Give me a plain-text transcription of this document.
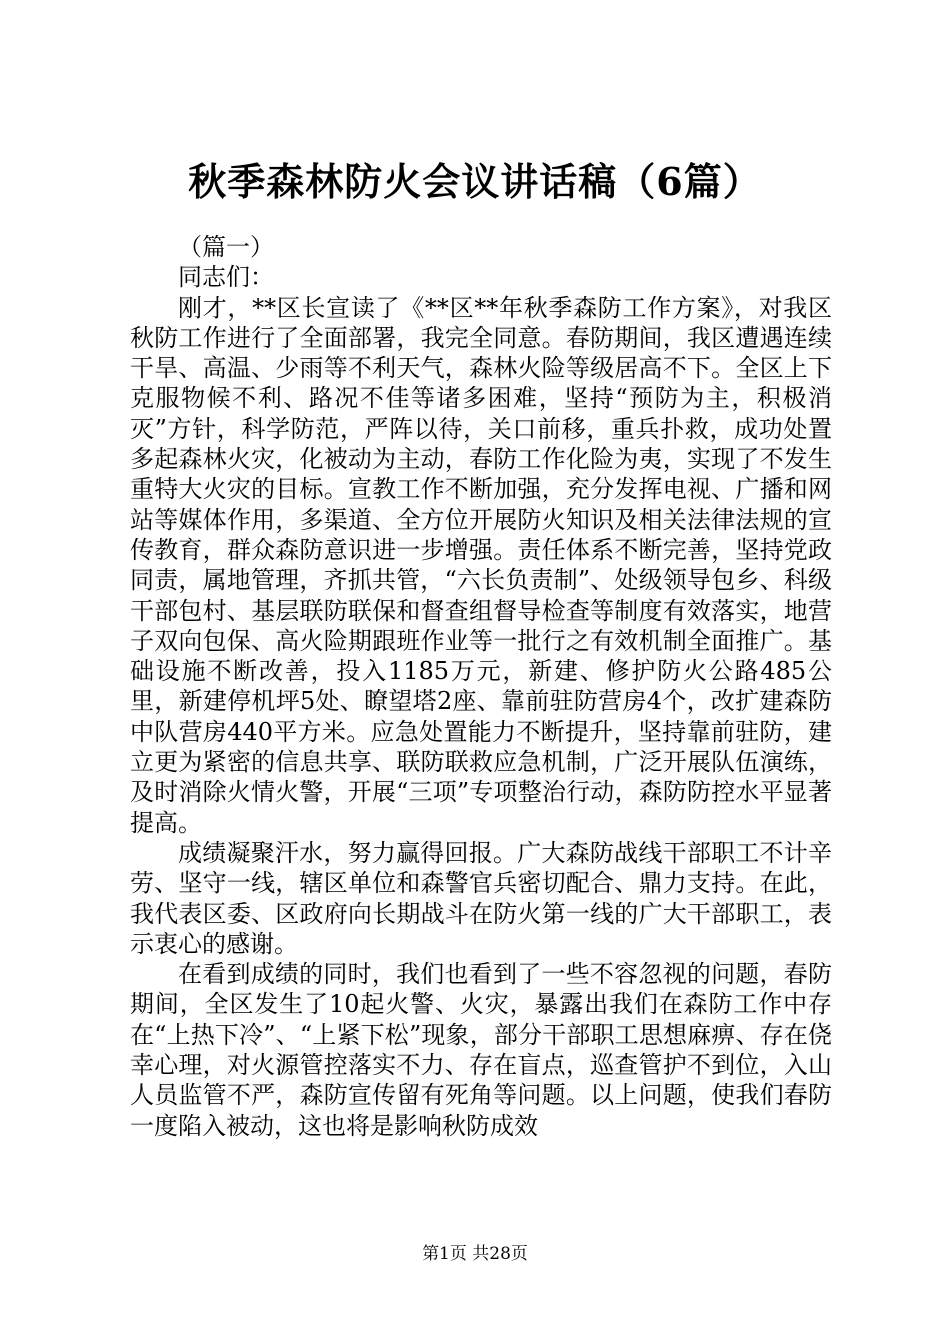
秋季森林防火会议讲话稿（6篇）

（篇一）

同志们：

刚才，**区长宣读了《**区**年秋季森防工作方案》，对我区秋防工作进行了全面部署，我完全同意。春防期间，我区遭遇连续干旱、高温、少雨等不利天气，森林火险等级居高不下。全区上下克服物候不利、路况不佳等诸多困难，坚持“预防为主，积极消灭”方针，科学防范，严阵以待，关口前移，重兵扑救，成功处置多起森林火灾，化被动为主动，春防工作化险为夷，实现了不发生重特大火灾的目标。宣教工作不断加强，充分发挥电视、广播和网站等媒体作用，多渠道、全方位开展防火知识及相关法律法规的宣传教育，群众森防意识进一步增强。责任体系不断完善，坚持党政同责，属地管理，齐抓共管，“六长负责制”、处级领导包乡、科级干部包村、基层联防联保和督查组督导检查等制度有效落实，地营子双向包保、高火险期跟班作业等一批行之有效机制全面推广。基础设施不断改善，投入1185万元，新建、修护防火公路485公里，新建停机坪5处、瞭望塔2座、靠前驻防营房4个，改扩建森防中队营房440平方米。应急处置能力不断提升，坚持靠前驻防，建立更为紧密的信息共享、联防联救应急机制，广泛开展队伍演练，及时消除火情火警，开展“三项”专项整治行动，森防防控水平显著提高。

成绩凝聚汗水，努力赢得回报。广大森防战线干部职工不计辛劳、坚守一线，辖区单位和森警官兵密切配合、鼎力支持。在此，我代表区委、区政府向长期战斗在防火第一线的广大干部职工，表示衷心的感谢。

在看到成绩的同时，我们也看到了一些不容忽视的问题，春防期间，全区发生了10起火警、火灾，暴露出我们在森防工作中存在“上热下冷”、“上紧下松”现象，部分干部职工思想麻痹、存在侥幸心理，对火源管控落实不力、存在盲点，巡查管护不到位，入山人员监管不严，森防宣传留有死角等问题。以上问题，使我们春防一度陷入被动，这也将是影响秋防成效

第1页 共28页
